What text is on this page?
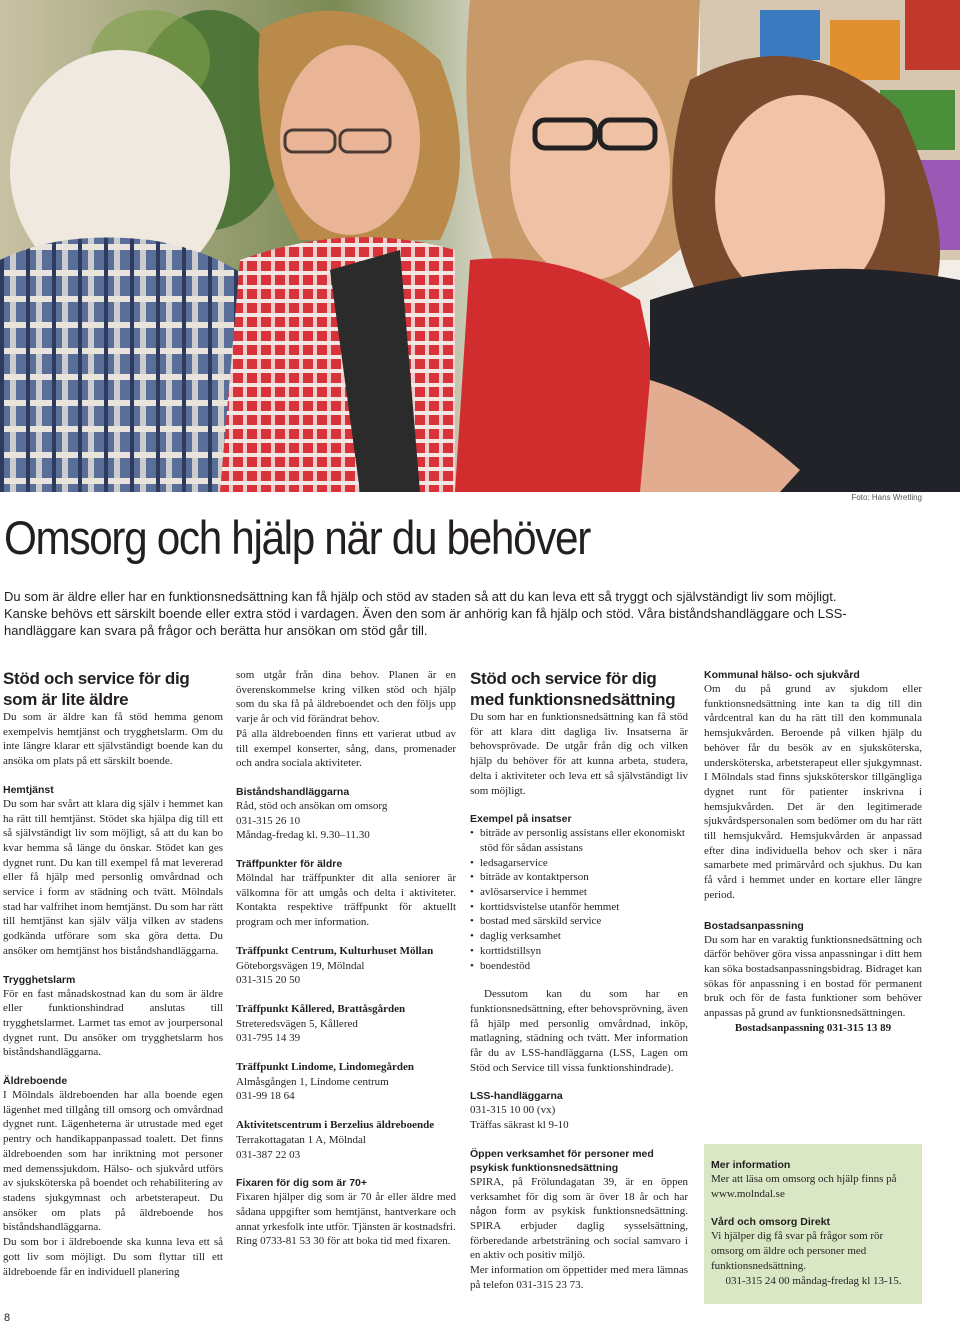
Foto: Hans Wretling
Omsorg och hjälp när du behöver

Du som är äldre eller har en funktionsnedsättning kan få hjälp och stöd av staden så att du kan leva ett så tryggt och självständigt liv som möjligt. Kanske behövs ett särskilt boende eller extra stöd i vardagen. Även den som är anhörig kan få hjälp och stöd. Våra biståndshandläggare och LSS-handläggare kan svara på frågor och berätta hur ansökan om stöd går till.

Stöd och service för dig
som är lite äldre

Du som är äldre kan få stöd hemma genom exempelvis hemtjänst och trygghetslarm. Om du inte längre klarar ett självständigt boende kan du ansöka om plats på ett särskilt boende.

Hemtjänst

Du som har svårt att klara dig själv i hemmet kan ha rätt till hemtjänst. Stödet ska hjälpa dig till ett så självständigt liv som möjligt, så att du kan bo kvar hemma så länge du önskar. Stödet kan ges dygnet runt. Du kan till exempel få mat levererad eller få hjälp med personlig omvårdnad och service i form av städning och tvätt. Mölndals stad har valfrihet inom hemtjänst. Du som har rätt till hemtjänst kan själv välja vilken av stadens godkända utförare som ska göra detta. Du ansöker om hemtjänst hos biståndshandläggarna.

Trygghetslarm

För en fast månadskostnad kan du som är äldre eller funktionshindrad anslutas till trygghetslarmet. Larmet tas emot av jourpersonal dygnet runt. Du ansöker om trygghetslarm hos biståndshandläggarna.

Äldreboende

I Mölndals äldreboenden har alla boende egen lägenhet med tillgång till omsorg och omvårdnad dygnet runt. Lägenheterna är utrustade med eget pentry och handikappanpassad toalett. Det finns äldreboenden som har inriktning mot personer med demenssjukdom. Hälso- och sjukvård utförs av sjuksköterska på boendet och rehabilitering av stadens sjukgymnast och arbetsterapeut. Du ansöker om plats på äldreboende hos biståndshandläggarna.

Du som bor i äldreboende ska kunna leva ett så gott liv som möjligt. Du som flyttar till ett äldreboende får en individuell planering

som utgår från dina behov. Planen är en överenskommelse kring vilken stöd och hjälp som du ska få på äldreboendet och den följs upp varje år och vid förändrat behov.

På alla äldreboenden finns ett varierat utbud av till exempel konserter, sång, dans, promenader och andra sociala aktiviteter.

Biståndshandläggarna
Råd, stöd och ansökan om omsorg
031-315 26 10
Måndag-fredag kl. 9.30–11.30
Träffpunkter för äldre

Mölndal har träffpunkter dit alla seniorer är välkomna för att umgås och delta i aktiviteter. Kontakta respektive träffpunkt för aktuellt program och mer information.

Träffpunkt Centrum, Kulturhuset Möllan
Göteborgsvägen 19, Mölndal
031-315 20 50
Träffpunkt Kållered, Brattåsgården
Streteredsvägen 5, Kållered
031-795 14 39
Träffpunkt Lindome, Lindomegården
Almåsgången 1, Lindome centrum
031-99 18 64
Aktivitetscentrum i Berzelius äldreboende
Terrakottagatan 1 A, Mölndal
031-387 22 03
Fixaren för dig som är 70+

Fixaren hjälper dig som är 70 år eller äldre med sådana uppgifter som hemtjänst, hantverkare och annat yrkesfolk inte utför. Tjänsten är kostnadsfri.

Ring 0733-81 53 30 för att boka tid med fixaren.

Stöd och service för dig
med funktionsnedsättning

Du som har en funktionsnedsättning kan få stöd för att klara ditt dagliga liv. Insatserna är behovsprövade. De utgår från dig och vilken hjälp du behöver för att kunna arbeta, studera, delta i aktiviteter och leva ett så självständigt liv som möjligt.

Exempel på insatser
• biträde av personlig assistans eller ekonomiskt stöd för sådan assistans
• ledsagarservice
• biträde av kontaktperson
• avlösarservice i hemmet
• korttidsvistelse utanför hemmet
• bostad med särskild service
• daglig verksamhet
• korttidstillsyn
• boendestöd

Dessutom kan du som har en funktionsnedsättning, efter behovsprövning, även få hjälp med personlig omvårdnad, inköp, matlagning, städning och tvätt. Mer information får du av LSS-handläggarna (LSS, Lagen om Stöd och Service till vissa funktionshindrade).

LSS-handläggarna
031-315 10 00 (vx)
Träffas säkrast kl 9-10
Öppen verksamhet för personer med
psykisk funktionsnedsättning

SPIRA, på Frölundagatan 39, är en öppen verksamhet för dig som är över 18 år och har någon form av psykisk funktionsnedsättning. SPIRA erbjuder daglig sysselsättning, förberedande arbetsträning och social samvaro i en aktiv och positiv miljö.

Mer information om öppettider med mera lämnas på telefon 031-315 23 73.

Kommunal hälso- och sjukvård

Om du på grund av sjukdom eller funktionsnedsättning inte kan ta dig till din vårdcentral kan du ha rätt till den kommunala hemsjukvården. Beroende på vilken hjälp du behöver får du besök av en sjuksköterska, undersköterska, arbetsterapeut eller sjukgymnast. I Mölndals stad finns sjuksköterskor tillgängliga dygnet runt för patienter inskrivna i hemsjukvården. Det är den legitimerade sjukvårdspersonalen som bedömer om du har rätt till hemsjukvård. Hemsjukvården är anpassad efter dina individuella behov och sker i nära samarbete med primärvård och sjukhus. Du kan få vård i hemmet under en kortare eller längre period.

Bostadsanpassning

Du som har en varaktig funktionsnedsättning och därför behöver göra vissa anpassningar i ditt hem kan söka bostadsanpassningsbidrag. Bidraget kan sökas för anpassning i en bostad för permanent bruk och för de fasta funktioner som behöver anpassas på grund av funktionsnedsättningen.

Bostadsanpassning 031-315 13 89
Mer information
Mer att läsa om omsorg och hjälp finns på www.molndal.se
Vård och omsorg Direkt
Vi hjälper dig få svar på frågor som rör omsorg om äldre och personer med funktionsnedsättning.
031-315 24 00 måndag-fredag kl 13-15.
8
